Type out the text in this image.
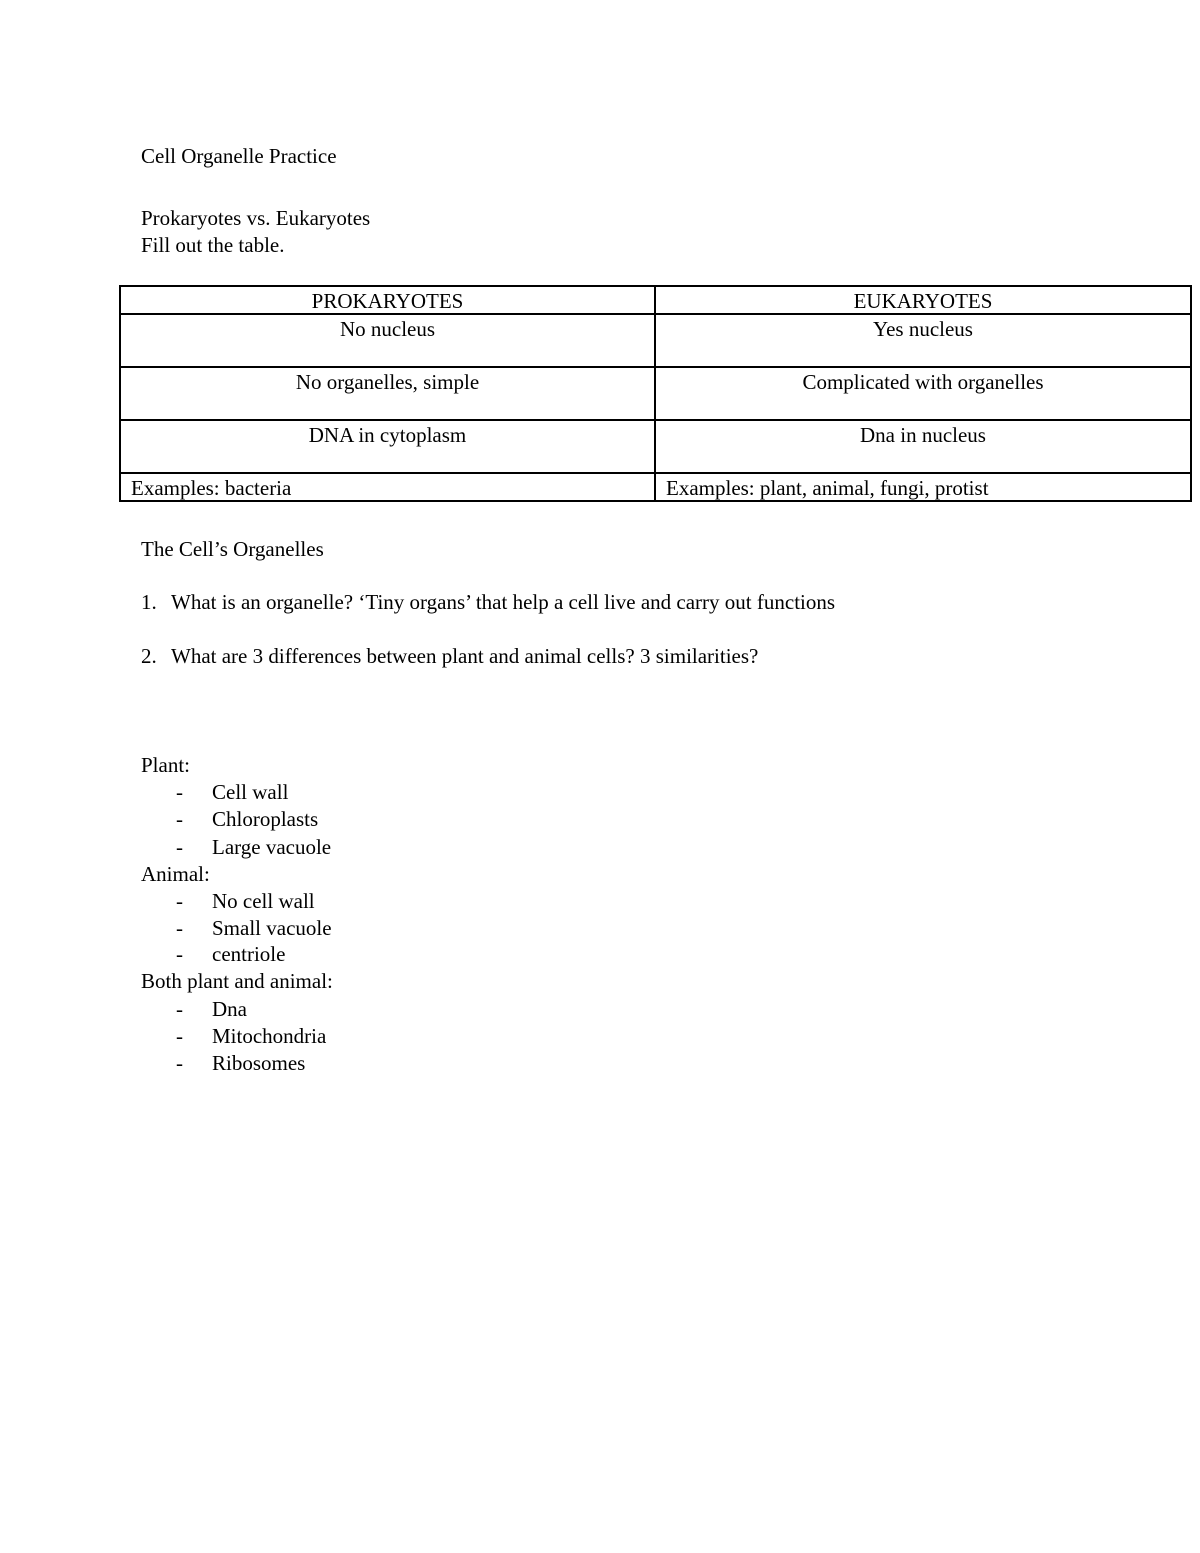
Cell Organelle Practice
Prokaryotes vs. Eukaryotes
Fill out the table.
PROKARYOTES	EUKARYOTES
No nucleus	Yes nucleus
No organelles, simple	Complicated with organelles
DNA in cytoplasm	Dna in nucleus
Examples: bacteria	Examples: plant, animal, fungi, protist
The Cell’s Organelles
1. What is an organelle? ‘Tiny organs’ that help a cell live and carry out functions
2. What are 3 differences between plant and animal cells? 3 similarities?
Plant:
- Cell wall
- Chloroplasts
- Large vacuole
Animal:
- No cell wall
- Small vacuole
- centriole
Both plant and animal:
- Dna
- Mitochondria
- Ribosomes
